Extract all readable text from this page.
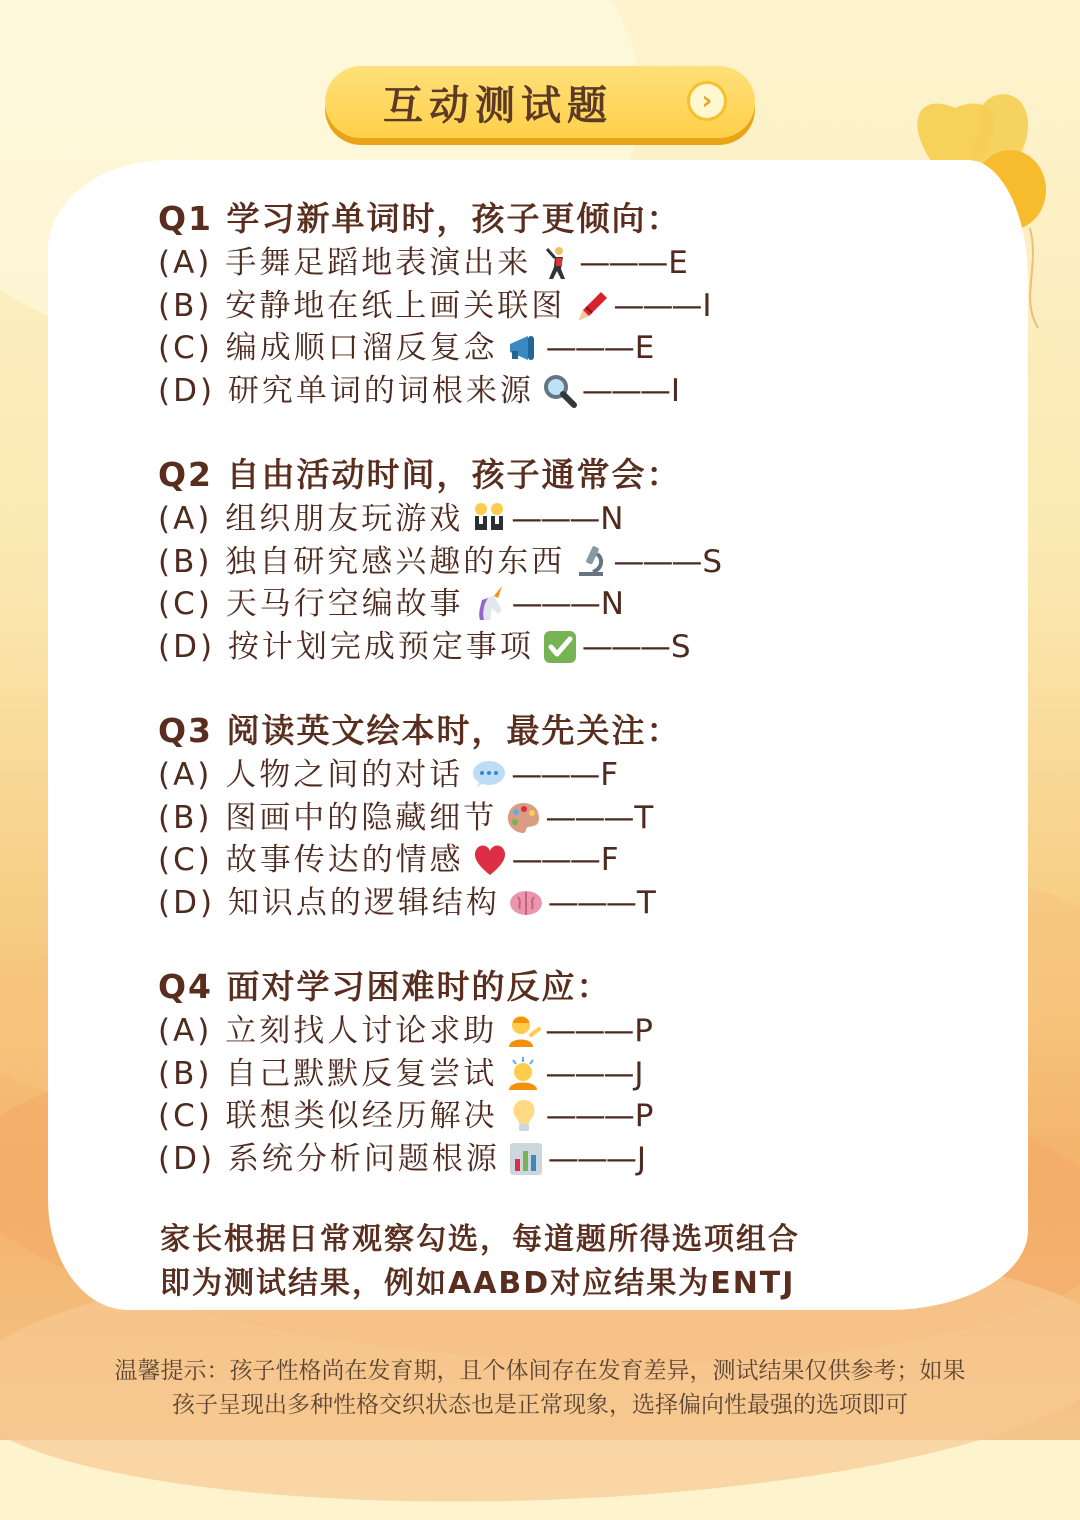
互动测试题	›
Q1 学习新单词时，孩子更倾向：
(A) 手舞足蹈地表演出来 ——— E
(B) 安静地在纸上画关联图 ——— I
(C) 编成顺口溜反复念 ——— E
(D) 研究单词的词根来源 ——— I
Q2 自由活动时间，孩子通常会：
(A) 组织朋友玩游戏 ——— N
(B) 独自研究感兴趣的东西 ——— S
(C) 天马行空编故事 ——— N
(D) 按计划完成预定事项 ——— S
Q3 阅读英文绘本时，最先关注：
(A) 人物之间的对话 ——— F
(B) 图画中的隐藏细节 ——— T
(C) 故事传达的情感 ——— F
(D) 知识点的逻辑结构 ——— T
Q4 面对学习困难时的反应：
(A) 立刻找人讨论求助 ——— P
(B) 自己默默反复尝试 ——— J
(C) 联想类似经历解决 ——— P
(D) 系统分析问题根源 ——— J
家长根据日常观察勾选，每道题所得选项组合
即为测试结果，例如AABD对应结果为ENTJ
温馨提示：孩子性格尚在发育期，且个体间存在发育差异，测试结果仅供参考；如果
孩子呈现出多种性格交织状态也是正常现象，选择偏向性最强的选项即可
